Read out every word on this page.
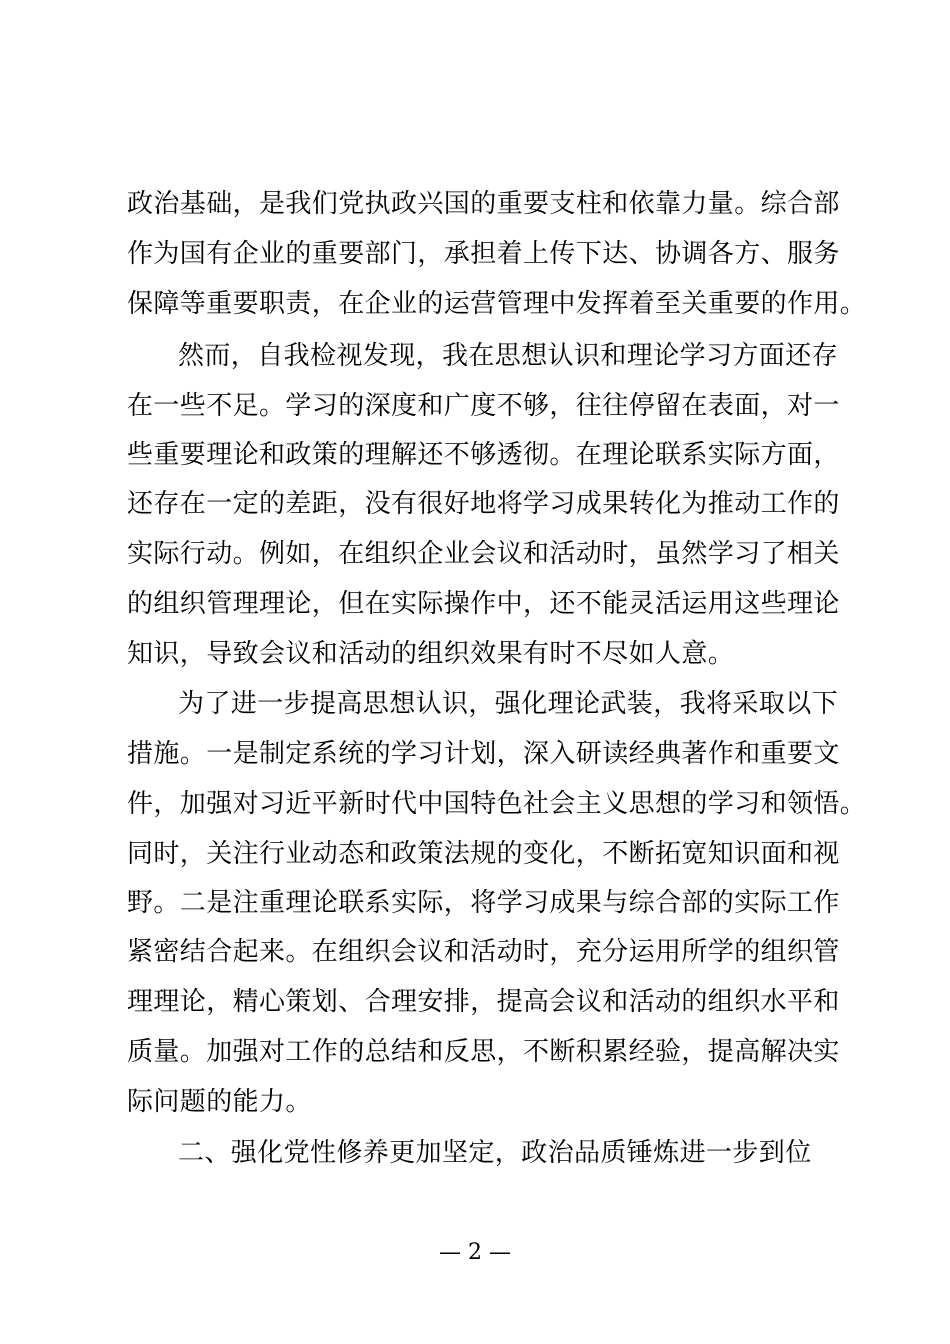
政治基础，是我们党执政兴国的重要支柱和依靠力量。综合部
作为国有企业的重要部门，承担着上传下达、协调各方、服务
保障等重要职责，在企业的运营管理中发挥着至关重要的作用。
然而，自我检视发现，我在思想认识和理论学习方面还存
在一些不足。学习的深度和广度不够，往往停留在表面，对一
些重要理论和政策的理解还不够透彻。在理论联系实际方面，
还存在一定的差距，没有很好地将学习成果转化为推动工作的
实际行动。例如，在组织企业会议和活动时，虽然学习了相关
的组织管理理论，但在实际操作中，还不能灵活运用这些理论
知识，导致会议和活动的组织效果有时不尽如人意。
为了进一步提高思想认识，强化理论武装，我将采取以下
措施。一是制定系统的学习计划，深入研读经典著作和重要文
件，加强对习近平新时代中国特色社会主义思想的学习和领悟。
同时，关注行业动态和政策法规的变化，不断拓宽知识面和视
野。二是注重理论联系实际，将学习成果与综合部的实际工作
紧密结合起来。在组织会议和活动时，充分运用所学的组织管
理理论，精心策划、合理安排，提高会议和活动的组织水平和
质量。加强对工作的总结和反思，不断积累经验，提高解决实
际问题的能力。
二、强化党性修养更加坚定，政治品质锤炼进一步到位
— 2 —
